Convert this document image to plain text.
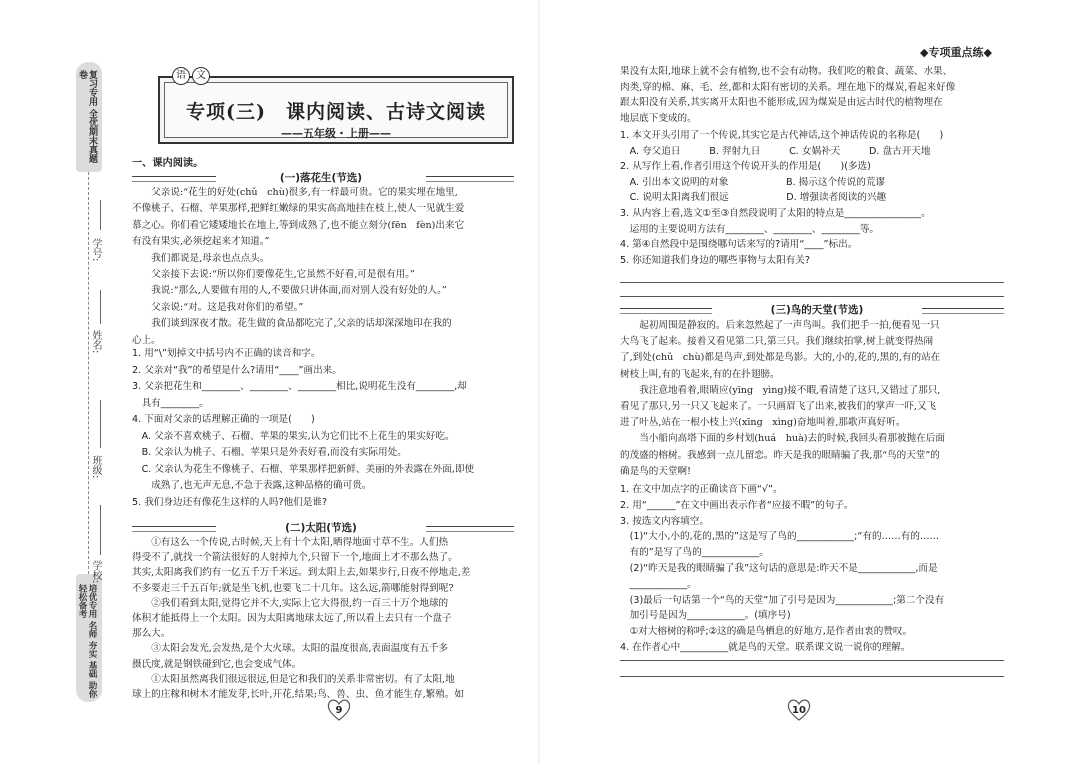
复习专用 全优期末真题卷
培优专用 名师 夯实 基础 助你轻松备考
学号:
姓名:
班级:
学校:
专项(三)　课内阅读、古诗文阅读
——五年级・上册——
语	文
一、课内阅读。
(一)落花生(节选)

父亲说:“花生的好处(chǔ　chù)很多,有一样最可贵。它的果实埋在地里,

不像桃子、石榴、苹果那样,把鲜红嫩绿的果实高高地挂在枝上,使人一见就生爱

慕之心。你们看它矮矮地长在地上,等到成熟了,也不能立刻分(fēn　fèn)出来它

有没有果实,必须挖起来才知道。”

我们都说是,母亲也点点头。

父亲接下去说:“所以你们要像花生,它虽然不好看,可是很有用。”

我说:“那么,人要做有用的人,不要做只讲体面,而对别人没有好处的人。”

父亲说:“对。这是我对你们的希望。”

我们谈到深夜才散。花生做的食品都吃完了,父亲的话却深深地印在我的

心上。

1. 用“\”划掉文中括号内不正确的读音和字。

2. 父亲对“我”的希望是什么?请用“____”画出来。

3. 父亲把花生和________、________、________相比,说明花生没有________,却

具有________。

4. 下面对父亲的话理解正确的一项是(　　)

A. 父亲不喜欢桃子、石榴、苹果的果实,认为它们比不上花生的果实好吃。

B. 父亲认为桃子、石榴、苹果只是外表好看,而没有实际用处。

C. 父亲认为花生不像桃子、石榴、苹果那样把新鲜、美丽的外表露在外面,即使

成熟了,也无声无息,不急于表露,这种品格的确可贵。

5. 我们身边还有像花生这样的人吗?他们是谁?

(二)太阳(节选)

①有这么一个传说,古时候,天上有十个太阳,晒得地面寸草不生。人们热

得受不了,就找一个箭法很好的人射掉九个,只留下一个,地面上才不那么热了。

其实,太阳离我们约有一亿五千万千米远。到太阳上去,如果步行,日夜不停地走,差

不多要走三千五百年;就是坐飞机,也要飞二十几年。这么远,箭哪能射得到呢?

②我们看到太阳,觉得它并不大,实际上它大得很,约一百三十万个地球的

体积才能抵得上一个太阳。因为太阳离地球太远了,所以看上去只有一个盘子

那么大。

③太阳会发光,会发热,是个大火球。太阳的温度很高,表面温度有五千多

摄氏度,就是钢铁碰到它,也会变成气体。

①太阳虽然离我们很远很远,但是它和我们的关系非常密切。有了太阳,地

球上的庄稼和树木才能发芽,长叶,开花,结果;鸟、兽、虫、鱼才能生存,繁殖。如

9
◆专项重点练◆

果没有太阳,地球上就不会有植物,也不会有动物。我们吃的粮食、蔬菜、水果、

肉类,穿的棉、麻、毛、丝,都和太阳有密切的关系。埋在地下的煤炭,看起来好像

跟太阳没有关系,其实离开太阳也不能形成,因为煤炭是由远古时代的植物埋在

地层底下变成的。

1. 本文开头引用了一个传说,其实它是古代神话,这个神话传说的名称是(　　)

A. 夸父追日　　　B. 羿射九日　　　C. 女娲补天　　　D. 盘古开天地

2. 从写作上看,作者引用这个传说开头的作用是(　　)(多选)

A. 引出本文说明的对象　　　　　　B. 揭示这个传说的荒谬

C. 说明太阳离我们很远　　　　　　D. 增强读者阅读的兴趣

3. 从内容上看,选文①至③自然段说明了太阳的特点是________________。

运用的主要说明方法有________、________、________等。

4. 第④自然段中是围绕哪句话来写的?请用“____”标出。

5. 你还知道我们身边的哪些事物与太阳有关?

(三)鸟的天堂(节选)

起初周围是静寂的。后来忽然起了一声鸟叫。我们把手一拍,便看见一只

大鸟飞了起来。接着又看见第二只,第三只。我们继续拍掌,树上就变得热闹

了,到处(chǔ　chù)都是鸟声,到处都是鸟影。大的,小的,花的,黑的,有的站在

树枝上叫,有的飞起来,有的在扑翅膀。

我注意地看着,眼睛应(yīng　yìng)接不暇,看清楚了这只,又错过了那只,

看见了那只,另一只又飞起来了。一只画眉飞了出来,被我们的掌声一吓,又飞

进了叶丛,站在一根小枝上兴(xīng　xìng)奋地叫着,那歌声真好听。

当小船向高塔下面的乡村划(huá　huà)去的时候,我回头看那被抛在后面

的茂盛的榕树。我感到一点儿留恋。昨天是我的眼睛骗了我,那“鸟的天堂”的

确是鸟的天堂啊!

1. 在文中加点字的正确读音下画“√”。

2. 用“______”在文中画出表示作者“应接不暇”的句子。

3. 按选文内容填空。

(1)“大小,小的,花的,黑的”这是写了鸟的____________;“有的……有的……

有的”是写了鸟的____________。

(2)“昨天是我的眼睛骗了我”这句话的意思是:昨天不是____________,而是

____________。

(3)最后一句话第一个“鸟的天堂”加了引号是因为____________;第二个没有

加引号是因为____________。(填序号)

①对大榕树的称呼;②这的确是鸟栖息的好地方,是作者由衷的赞叹。

4. 在作者心中__________就是鸟的天堂。联系课文说一说你的理解。

10
